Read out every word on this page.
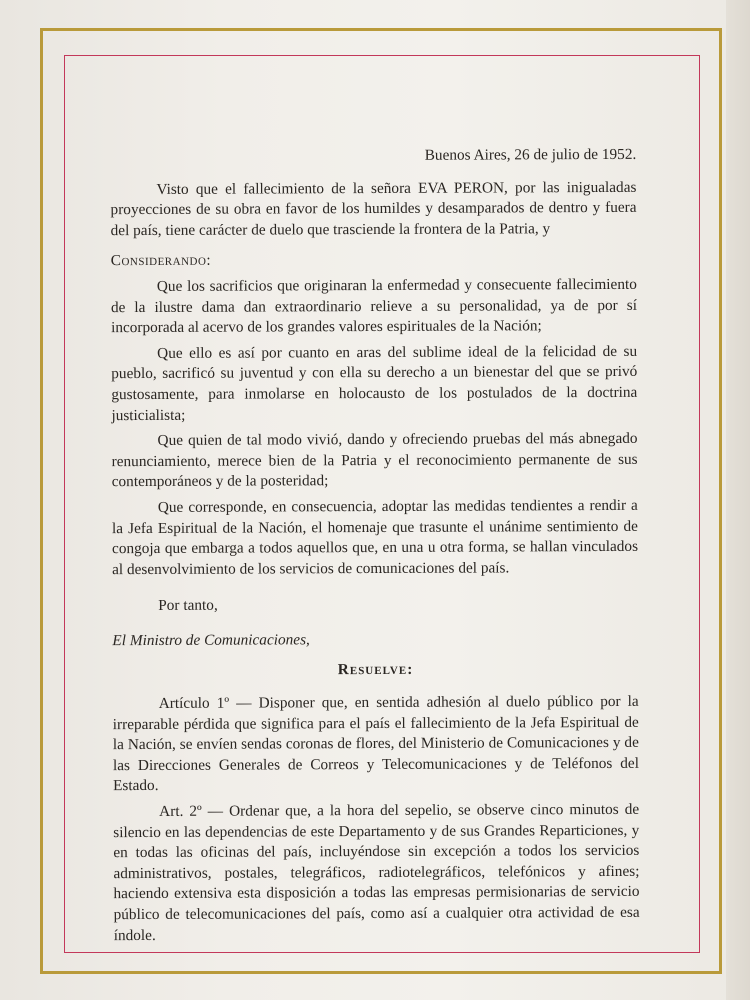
Buenos Aires, 26 de julio de 1952.

Visto que el fallecimiento de la señora EVA PERON, por las inigualadas proyecciones de su obra en favor de los humildes y desamparados de dentro y fuera del país, tiene carácter de duelo que trasciende la frontera de la Patria, y

Considerando:

Que los sacrificios que originaran la enfermedad y consecuente fallecimiento de la ilustre dama dan extraordinario relieve a su personalidad, ya de por sí incorporada al acervo de los grandes valores espirituales de la Nación;

Que ello es así por cuanto en aras del sublime ideal de la felicidad de su pueblo, sacrificó su juventud y con ella su derecho a un bienestar del que se privó gustosamente, para inmolarse en holocausto de los postulados de la doctrina justicialista;

Que quien de tal modo vivió, dando y ofreciendo pruebas del más abnegado renunciamiento, merece bien de la Patria y el reconocimiento permanente de sus contemporáneos y de la posteridad;

Que corresponde, en consecuencia, adoptar las medidas tendientes a rendir a la Jefa Espiritual de la Nación, el homenaje que trasunte el unánime sentimiento de congoja que embarga a todos aquellos que, en una u otra forma, se hallan vinculados al desenvolvimiento de los servicios de comunicaciones del país.

Por tanto,

El Ministro de Comunicaciones,

Resuelve:

Artículo 1º — Disponer que, en sentida adhesión al duelo público por la irreparable pérdida que significa para el país el fallecimiento de la Jefa Espiritual de la Nación, se envíen sendas coronas de flores, del Ministerio de Comunicaciones y de las Direcciones Generales de Correos y Telecomunicaciones y de Teléfonos del Estado.

Art. 2º — Ordenar que, a la hora del sepelio, se observe cinco minutos de silencio en las dependencias de este Departamento y de sus Grandes Reparticiones, y en todas las oficinas del país, incluyéndose sin excepción a todos los servicios administrativos, postales, telegráficos, radiotelegráficos, telefónicos y afines; haciendo extensiva esta disposición a todas las empresas permisionarias de servicio público de telecomunicaciones del país, como así a cualquier otra actividad de esa índole.
